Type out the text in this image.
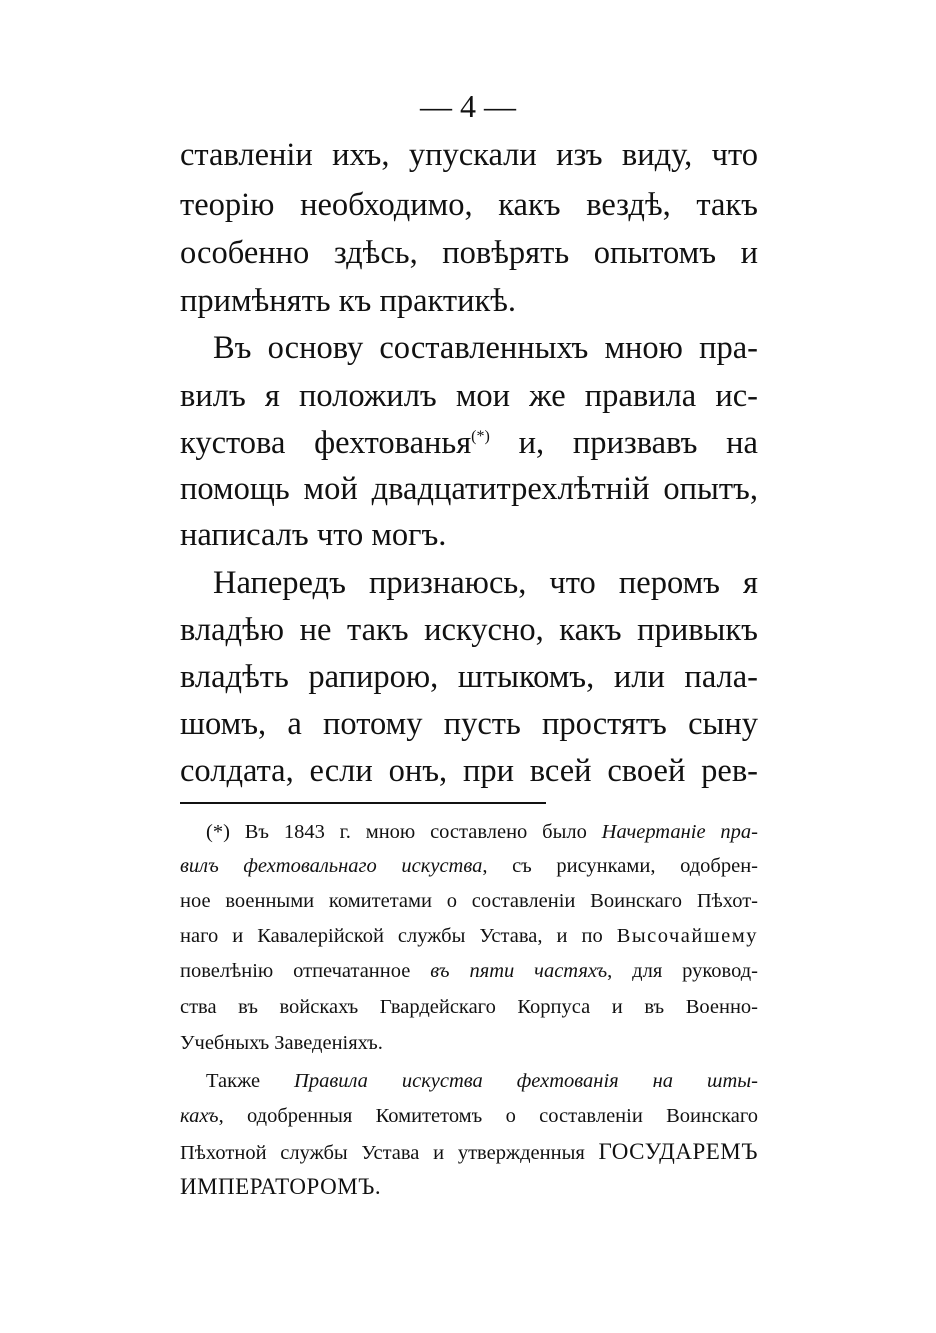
— 4 —
ставленіи ихъ, упускали изъ виду, что
теорію необходимо, какъ вездѣ, такъ
особенно здѣсь, повѣрять опытомъ и
примѣнять къ практикѣ.
Въ основу составленныхъ мною пра-
вилъ я положилъ мои же правила ис-
кустова фехтованья(*) и, призвавъ на
помощь мой двадцатитрехлѣтній опытъ,
написалъ что могъ.
Напередъ признаюсь, что перомъ я
владѣю не такъ искусно, какъ привыкъ
владѣть рапирою, штыкомъ, или пала-
шомъ, а потому пусть простятъ сыну
солдата, если онъ, при всей своей рев-
(*) Въ 1843 г. мною составлено было Начертаніе пра-
вилъ фехтовальнаго искуства, съ рисунками, одобрен-
ное военными комитетами о составленіи Воинскаго Пѣхот-
наго и Кавалерійской службы Устава, и по Высочайшему
повелѣнію отпечатанное въ пяти частяхъ, для руковод-
ства въ войскахъ Гвардейскаго Корпуса и въ Военно-
Учебныхъ Заведеніяхъ.
Также Правила искуства фехтованія на шты-
кахъ, одобренныя Комитетомъ о составленіи Воинскаго
Пѣхотной службы Устава и утвержденныя ГОСУДАРЕМЪ
ИМПЕРАТОРОМЪ.
